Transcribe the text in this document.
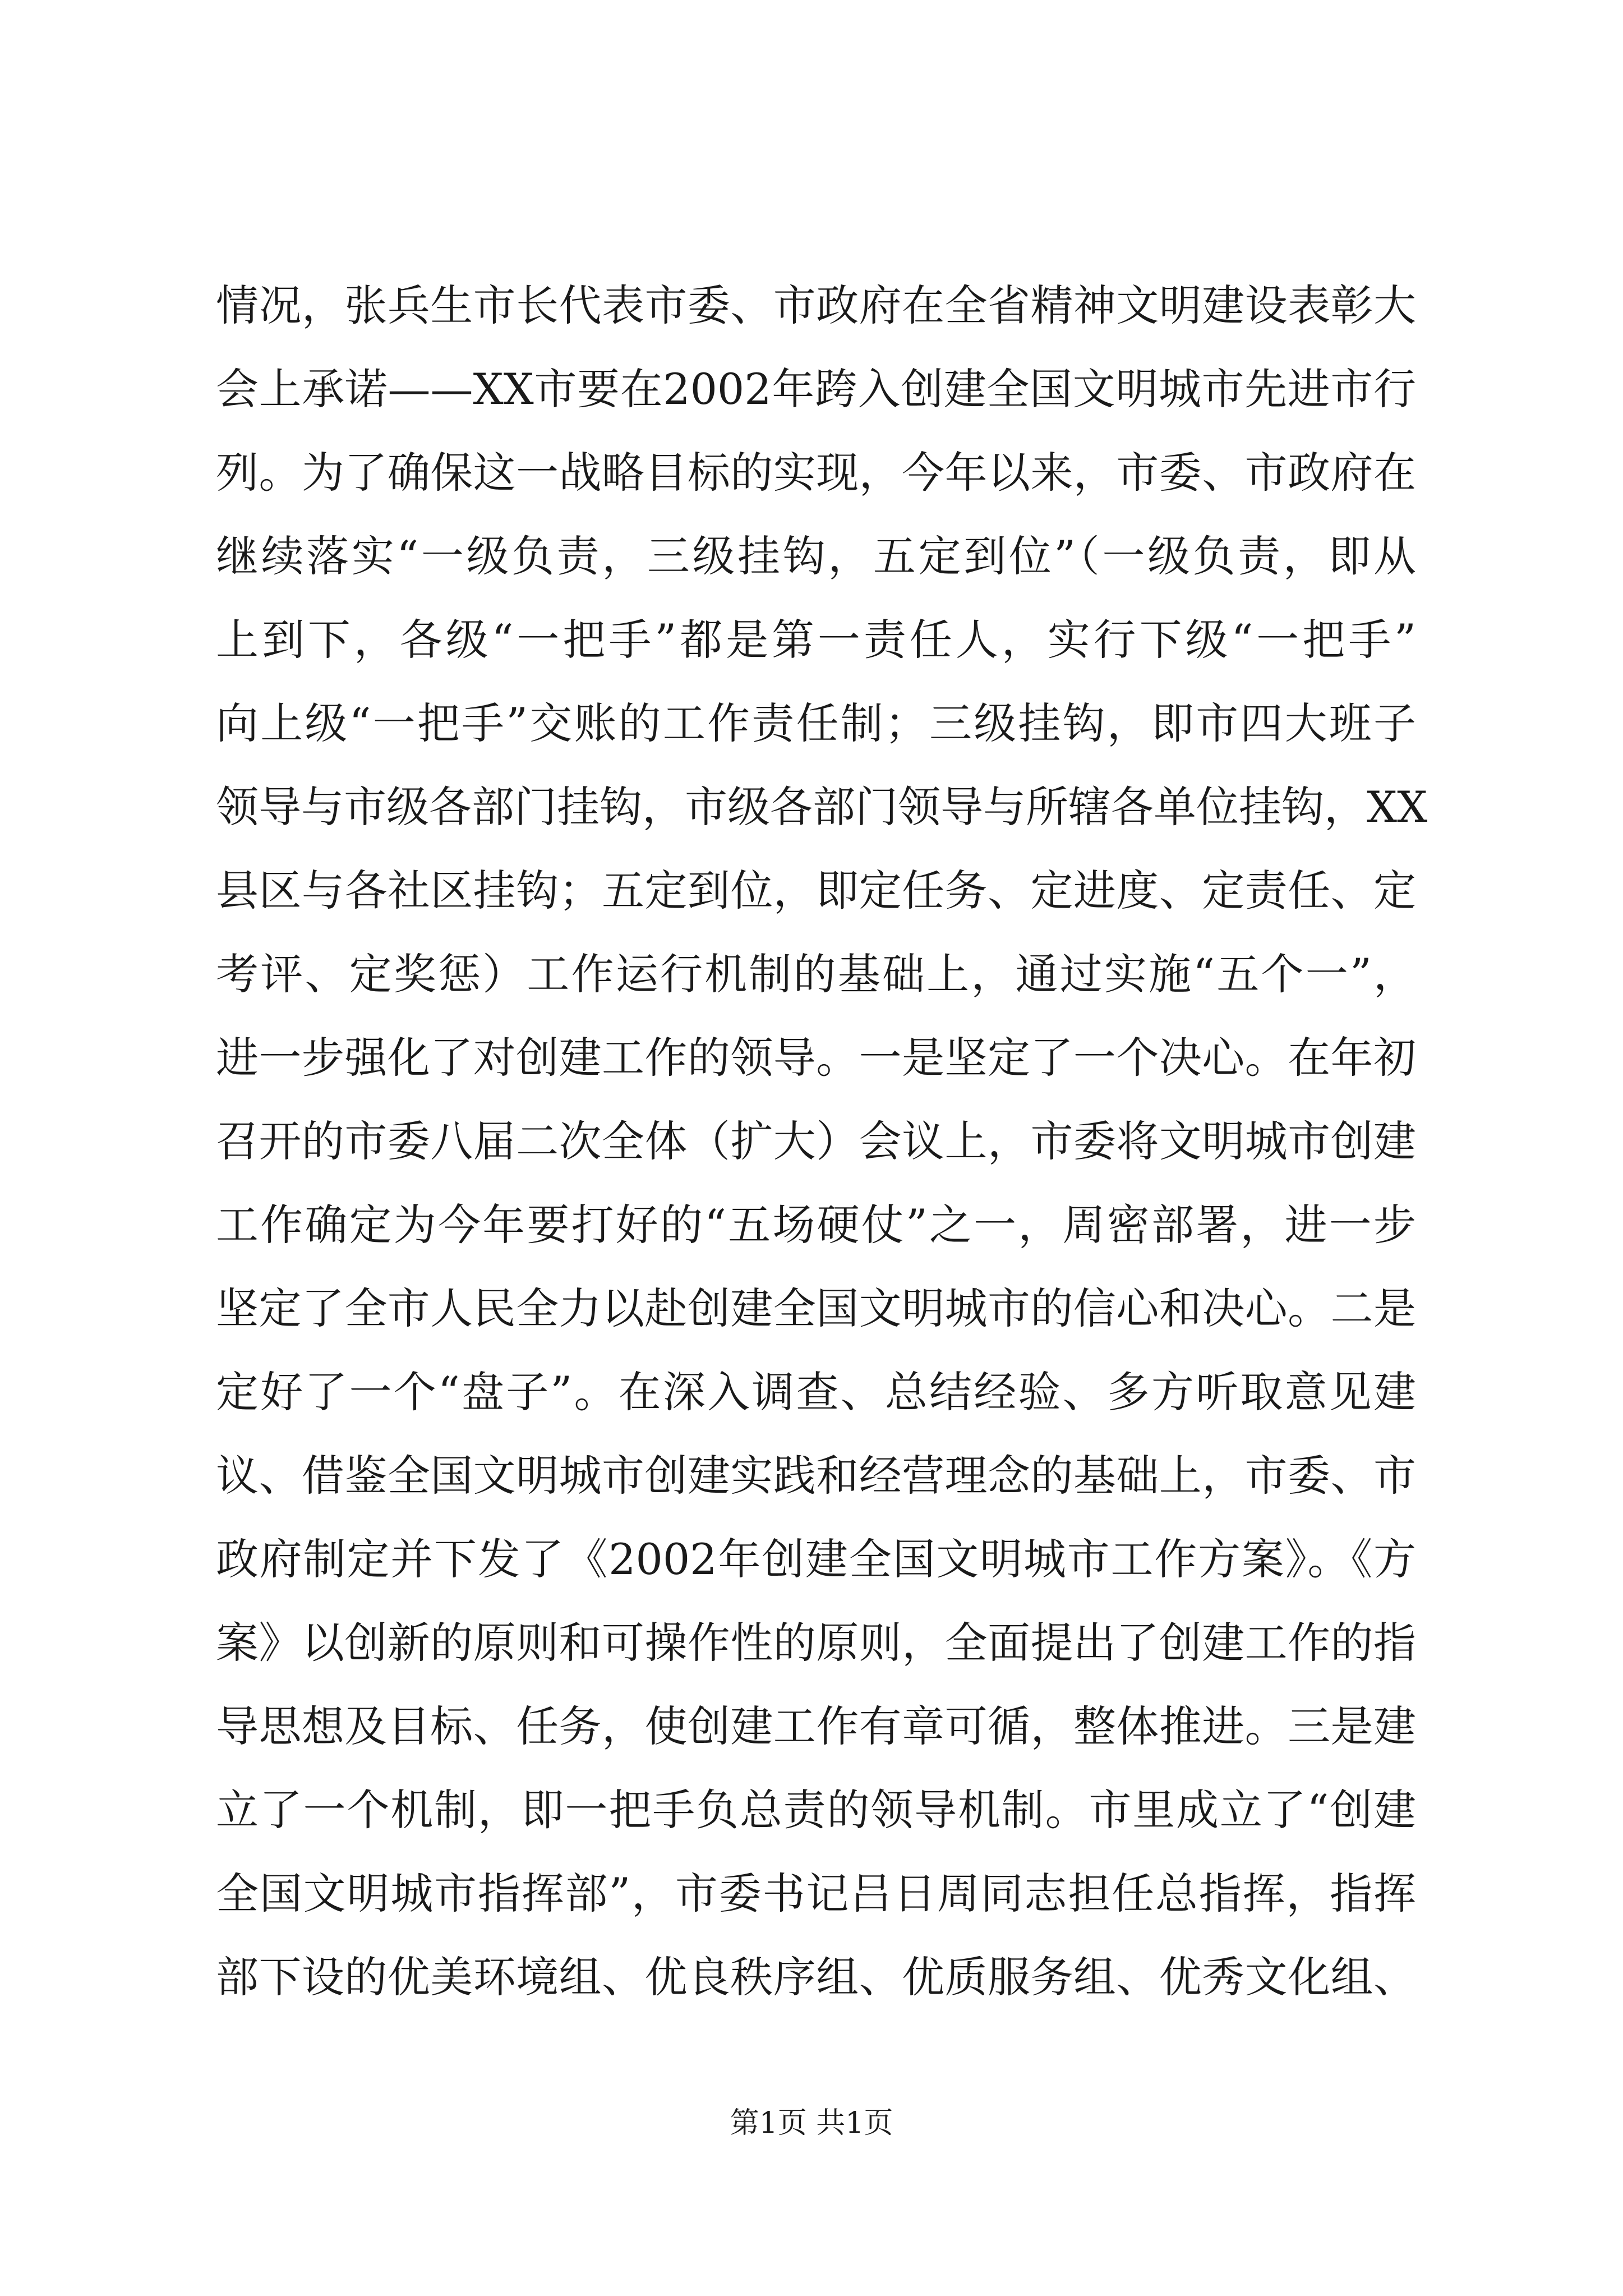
情况，张兵生市长代表市委、市政府在全省精神文明建设表彰大
会上承诺——XX市要在2002年跨入创建全国文明城市先进市行
列。为了确保这一战略目标的实现，今年以来，市委、市政府在
继续落实“一级负责，三级挂钩，五定到位”（一级负责，即从
上到下，各级“一把手”都是第一责任人，实行下级“一把手”
向上级“一把手”交账的工作责任制；三级挂钩，即市四大班子
领导与市级各部门挂钩，市级各部门领导与所辖各单位挂钩，XX
县区与各社区挂钩；五定到位，即定任务、定进度、定责任、定
考评、定奖惩）工作运行机制的基础上，通过实施“五个一”，
进一步强化了对创建工作的领导。一是坚定了一个决心。在年初
召开的市委八届二次全体（扩大）会议上，市委将文明城市创建
工作确定为今年要打好的“五场硬仗”之一，周密部署，进一步
坚定了全市人民全力以赴创建全国文明城市的信心和决心。二是
定好了一个“盘子”。在深入调查、总结经验、多方听取意见建
议、借鉴全国文明城市创建实践和经营理念的基础上，市委、市
政府制定并下发了《2002年创建全国文明城市工作方案》。《方
案》以创新的原则和可操作性的原则，全面提出了创建工作的指
导思想及目标、任务，使创建工作有章可循，整体推进。三是建
立了一个机制，即一把手负总责的领导机制。市里成立了“创建
全国文明城市指挥部”，市委书记吕日周同志担任总指挥，指挥
部下设的优美环境组、优良秩序组、优质服务组、优秀文化组、
第1页 共1页
